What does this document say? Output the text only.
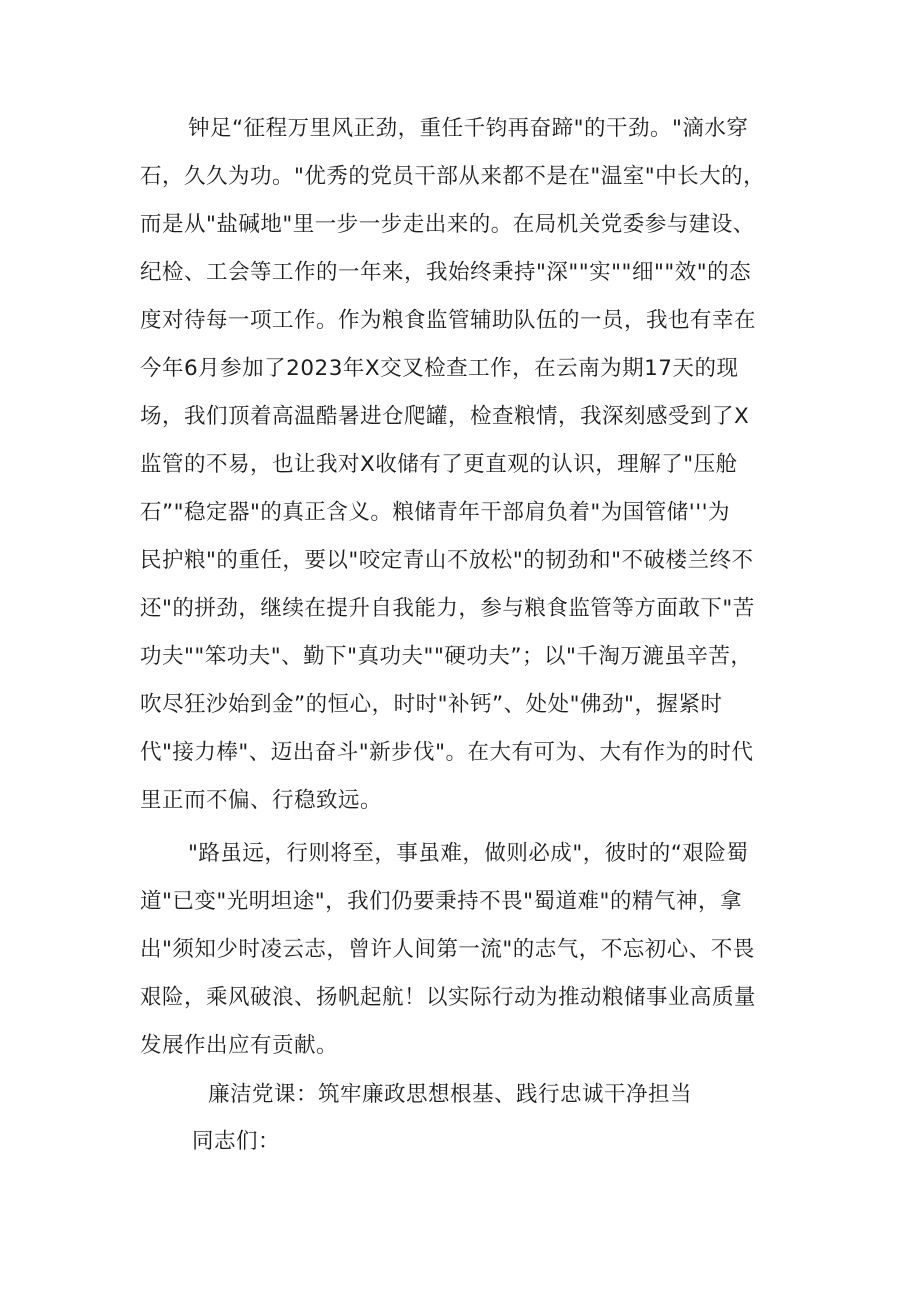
钟足“征程万里风正劲，重任千钧再奋蹄"的干劲。"滴水穿

石，久久为功。"优秀的党员干部从来都不是在"温室"中长大的，

而是从"盐碱地"里一步一步走出来的。在局机关党委参与建设、

纪检、工会等工作的一年来，我始终秉持"深""实""细""效"的态

度对待每一项工作。作为粮食监管辅助队伍的一员，我也有幸在

今年6月参加了2023年X交叉检查工作，在云南为期17天的现

场，我们顶着高温酷暑进仓爬罐，检查粮情，我深刻感受到了X

监管的不易，也让我对X收储有了更直观的认识，理解了"压舱

石”"稳定器"的真正含义。粮储青年干部肩负着"为国管储'''为

民护粮"的重任，要以"咬定青山不放松"的韧劲和"不破楼兰终不

还"的拼劲，继续在提升自我能力，参与粮食监管等方面敢下"苦

功夫""笨功夫"、勤下"真功夫""硬功夫”；以"千淘万漉虽辛苦，

吹尽狂沙始到金”的恒心，时时"补钙”、处处"佛劲"，握紧时

代"接力棒"、迈出奋斗"新步伐"。在大有可为、大有作为的时代

里正而不偏、行稳致远。

"路虽远，行则将至，事虽难，做则必成"，彼时的“艰险蜀

道"已变"光明坦途"，我们仍要秉持不畏"蜀道难"的精气神，拿

出"须知少时凌云志，曾许人间第一流"的志气，不忘初心、不畏

艰险，乘风破浪、扬帆起航！以实际行动为推动粮储事业高质量

发展作出应有贡献。

廉洁党课：筑牢廉政思想根基、践行忠诚干净担当

同志们：
